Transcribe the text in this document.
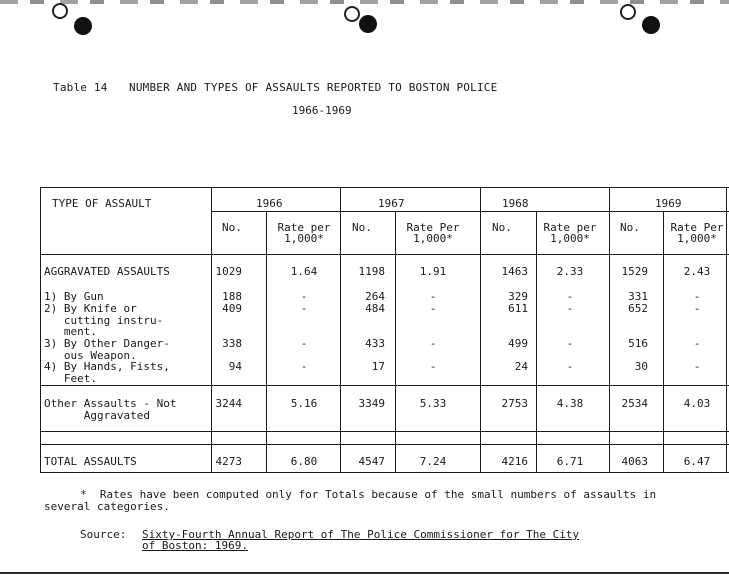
Table 14 NUMBER AND TYPES OF ASSAULTS REPORTED TO BOSTON POLICE
1966-1969
TYPE OF ASSAULT	1966	1967	1968	1969
No.	Rate per
1,000*
No.	Rate Per
1,000*
No.	Rate per
1,000*
No.	Rate Per
1,000*
AGGRAVATED ASSAULTS	1029	1.64	1198	1.91	1463	2.33	1529	2.43
1) By Gun	188	-	264	-	329	-	331	-
2) By Knife or
cutting instru-
ment.
409	-	484	-	611	-	652	-
3) By Other Danger-
ous Weapon.
338	-	433	-	499	-	516	-
4) By Hands, Fists,
Feet.
94	-	17	-	24	-	30	-
Other Assaults - Not
Aggravated
3244	5.16	3349	5.33	2753	4.38	2534	4.03
TOTAL ASSAULTS	4273	6.80	4547	7.24	4216	6.71	4063	6.47
* Rates have been computed only for Totals because of the small numbers of assaults in several categories.
Source: Sixty-Fourth Annual Report of The Police Commissioner for The City
of Boston: 1969.
